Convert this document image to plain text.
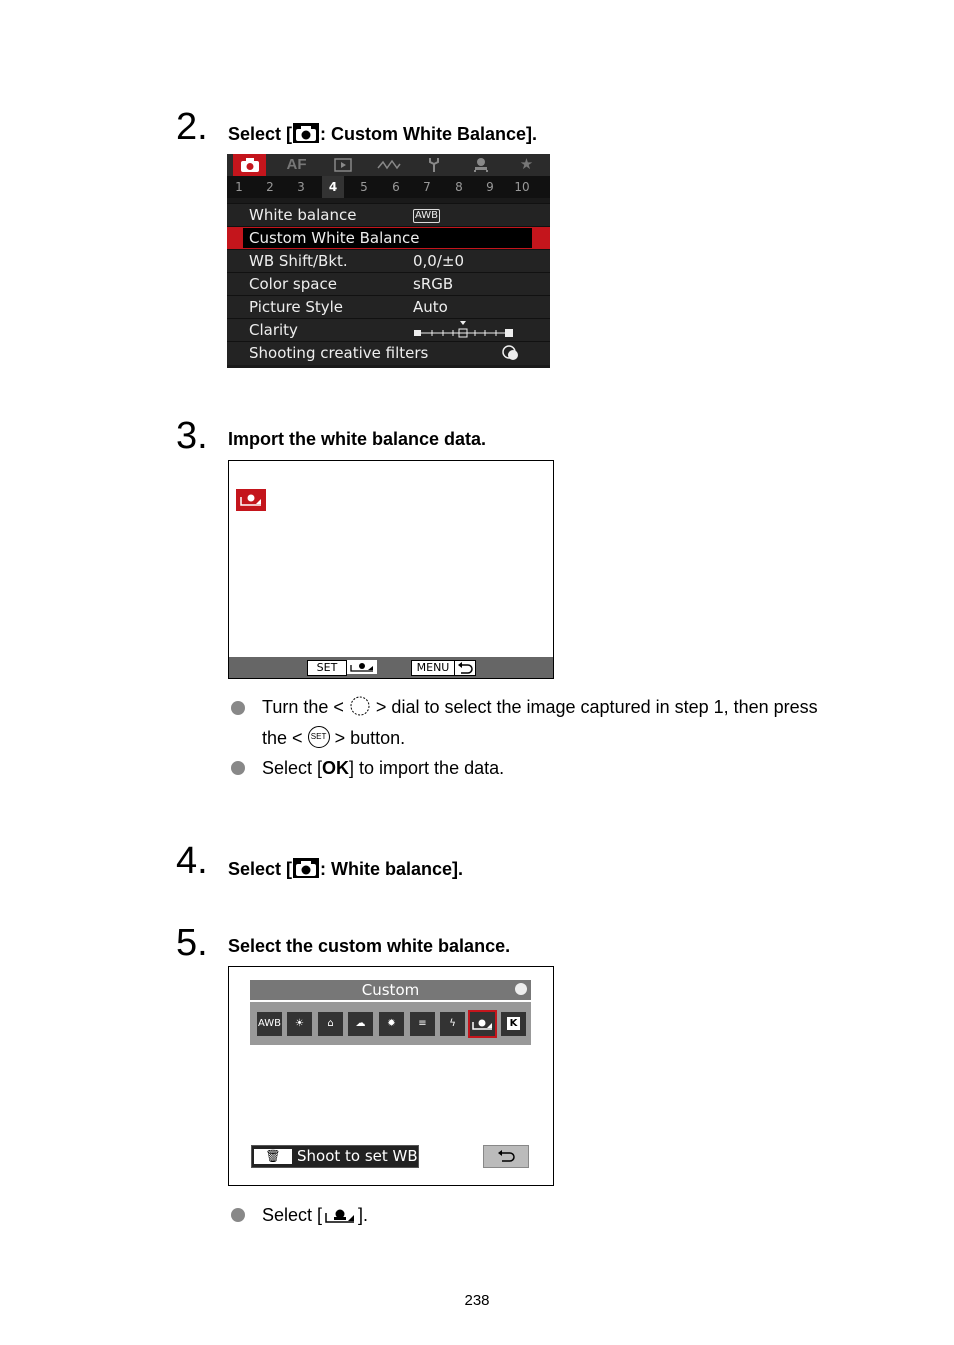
2. Select [ : Custom White Balance].
AF	★
1	2	3	4	5	6	7	8	9	10
White balance	AWB
Custom White Balance
WB Shift/Bkt.	0,0/±0
Color space	sRGB
Picture Style	Auto
Clarity
Shooting creative filters
3. Import the white balance data.
SET	MENU
Turn the < > dial to select the image captured in step 1, then press
the < SET > button.
Select [OK] to import the data.
4. Select [ : White balance].
5. Select the custom white balance.
Custom
AWB	☀	⌂	☁	✹	≡	ϟ	K
🗑	Shoot to set WB
Select [ ].
238
